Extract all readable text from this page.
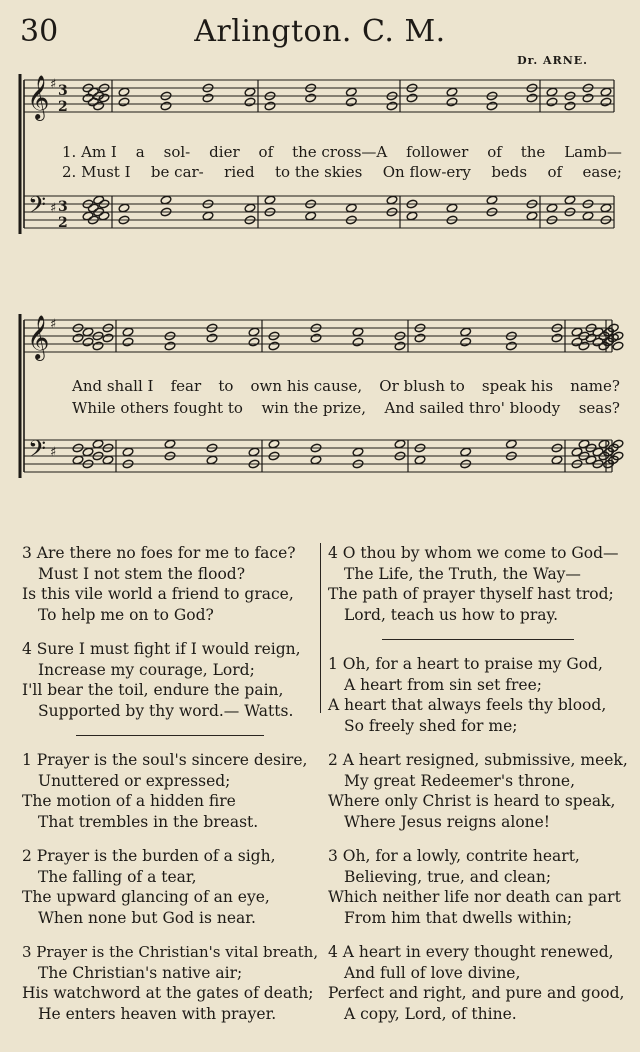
30	Arlington. C. M.
Dr. ARNE.
𝄞
𝄢
♯
♯
3
2
3
2
𝄞
𝄢
♯
♯
1. Am I a sol- dier of the cross—A follower of the Lamb—
2. Must I be car- ried to the skies On flow-ery beds of ease;
And shall I fear to own his cause, Or blush to speak his name?
While others fought to win the prize, And sailed thro' bloody seas?
3 Are there no foes for me to face?
Must I not stem the flood?
Is this vile world a friend to grace,
To help me on to God?
4 Sure I must fight if I would reign,
Increase my courage, Lord;
I'll bear the toil, endure the pain,
Supported by thy word.— Watts.
1 Prayer is the soul's sincere desire,
Unuttered or expressed;
The motion of a hidden fire
That trembles in the breast.
2 Prayer is the burden of a sigh,
The falling of a tear,
The upward glancing of an eye,
When none but God is near.
3 Prayer is the Christian's vital breath,
The Christian's native air;
His watchword at the gates of death;
He enters heaven with prayer.
4 O thou by whom we come to God—
The Life, the Truth, the Way—
The path of prayer thyself hast trod;
Lord, teach us how to pray.
1 Oh, for a heart to praise my God,
A heart from sin set free;
A heart that always feels thy blood,
So freely shed for me;
2 A heart resigned, submissive, meek,
My great Redeemer's throne,
Where only Christ is heard to speak,
Where Jesus reigns alone!
3 Oh, for a lowly, contrite heart,
Believing, true, and clean;
Which neither life nor death can part
From him that dwells within;
4 A heart in every thought renewed,
And full of love divine,
Perfect and right, and pure and good,
A copy, Lord, of thine.
